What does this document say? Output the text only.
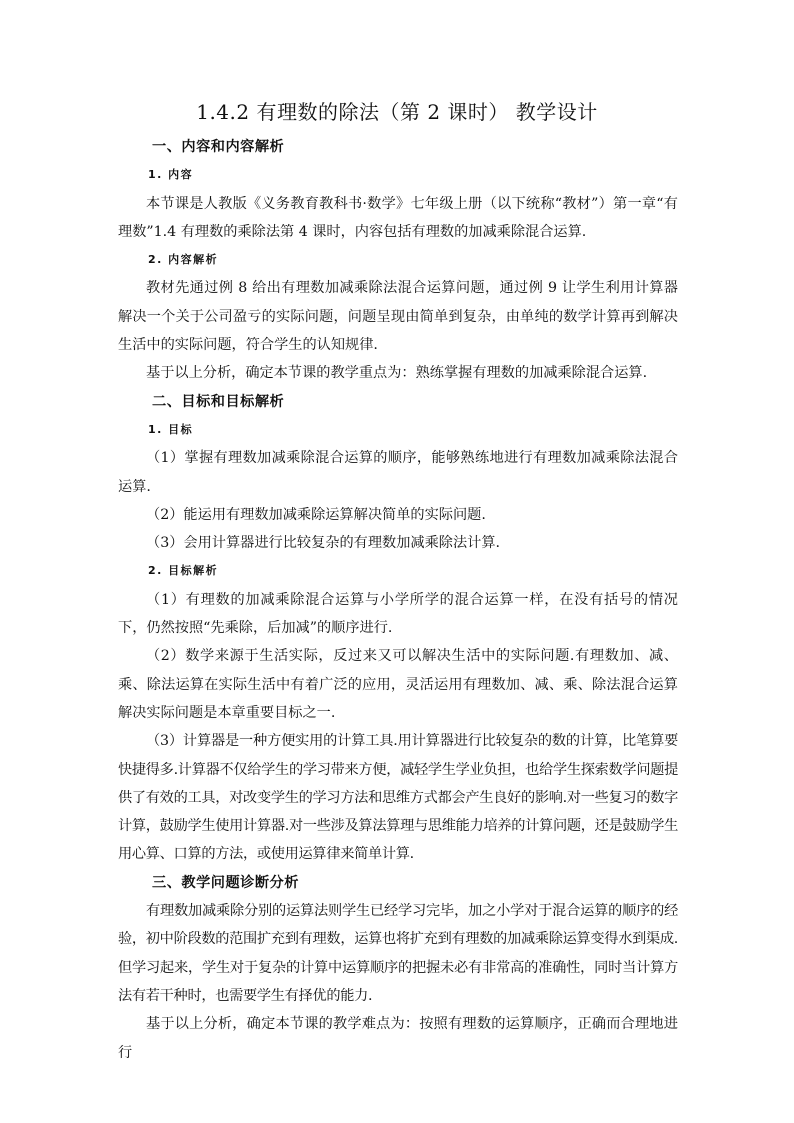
1.4.2 有理数的除法（第 2 课时） 教学设计
一、内容和内容解析
1. 内容

本节课是人教版《义务教育教科书·数学》七年级上册（以下统称“教材”）第一章“有理数”1.4 有理数的乘除法第 4 课时，内容包括有理数的加减乘除混合运算.

2. 内容解析

教材先通过例 8 给出有理数加减乘除法混合运算问题，通过例 9 让学生利用计算器解决一个关于公司盈亏的实际问题，问题呈现由简单到复杂，由单纯的数学计算再到解决生活中的实际问题，符合学生的认知规律.

基于以上分析，确定本节课的教学重点为：熟练掌握有理数的加减乘除混合运算.

二、目标和目标解析
1. 目标

（1）掌握有理数加减乘除混合运算的顺序，能够熟练地进行有理数加减乘除法混合运算.

（2）能运用有理数加减乘除运算解决简单的实际问题.

（3）会用计算器进行比较复杂的有理数加减乘除法计算.

2. 目标解析

（1）有理数的加减乘除混合运算与小学所学的混合运算一样，在没有括号的情况下，仍然按照“先乘除，后加减”的顺序进行.

（2）数学来源于生活实际，反过来又可以解决生活中的实际问题.有理数加、减、乘、除法运算在实际生活中有着广泛的应用，灵活运用有理数加、减、乘、除法混合运算解决实际问题是本章重要目标之一.

（3）计算器是一种方便实用的计算工具.用计算器进行比较复杂的数的计算，比笔算要快捷得多.计算器不仅给学生的学习带来方便，减轻学生学业负担，也给学生探索数学问题提供了有效的工具，对改变学生的学习方法和思维方式都会产生良好的影响.对一些复习的数字计算，鼓励学生使用计算器.对一些涉及算法算理与思维能力培养的计算问题，还是鼓励学生用心算、口算的方法，或使用运算律来简单计算.

三、教学问题诊断分析

有理数加减乘除分别的运算法则学生已经学习完毕，加之小学对于混合运算的顺序的经验，初中阶段数的范围扩充到有理数，运算也将扩充到有理数的加减乘除运算变得水到渠成.但学习起来，学生对于复杂的计算中运算顺序的把握未必有非常高的准确性，同时当计算方法有若干种时，也需要学生有择优的能力.

基于以上分析，确定本节课的教学难点为：按照有理数的运算顺序，正确而合理地进行
